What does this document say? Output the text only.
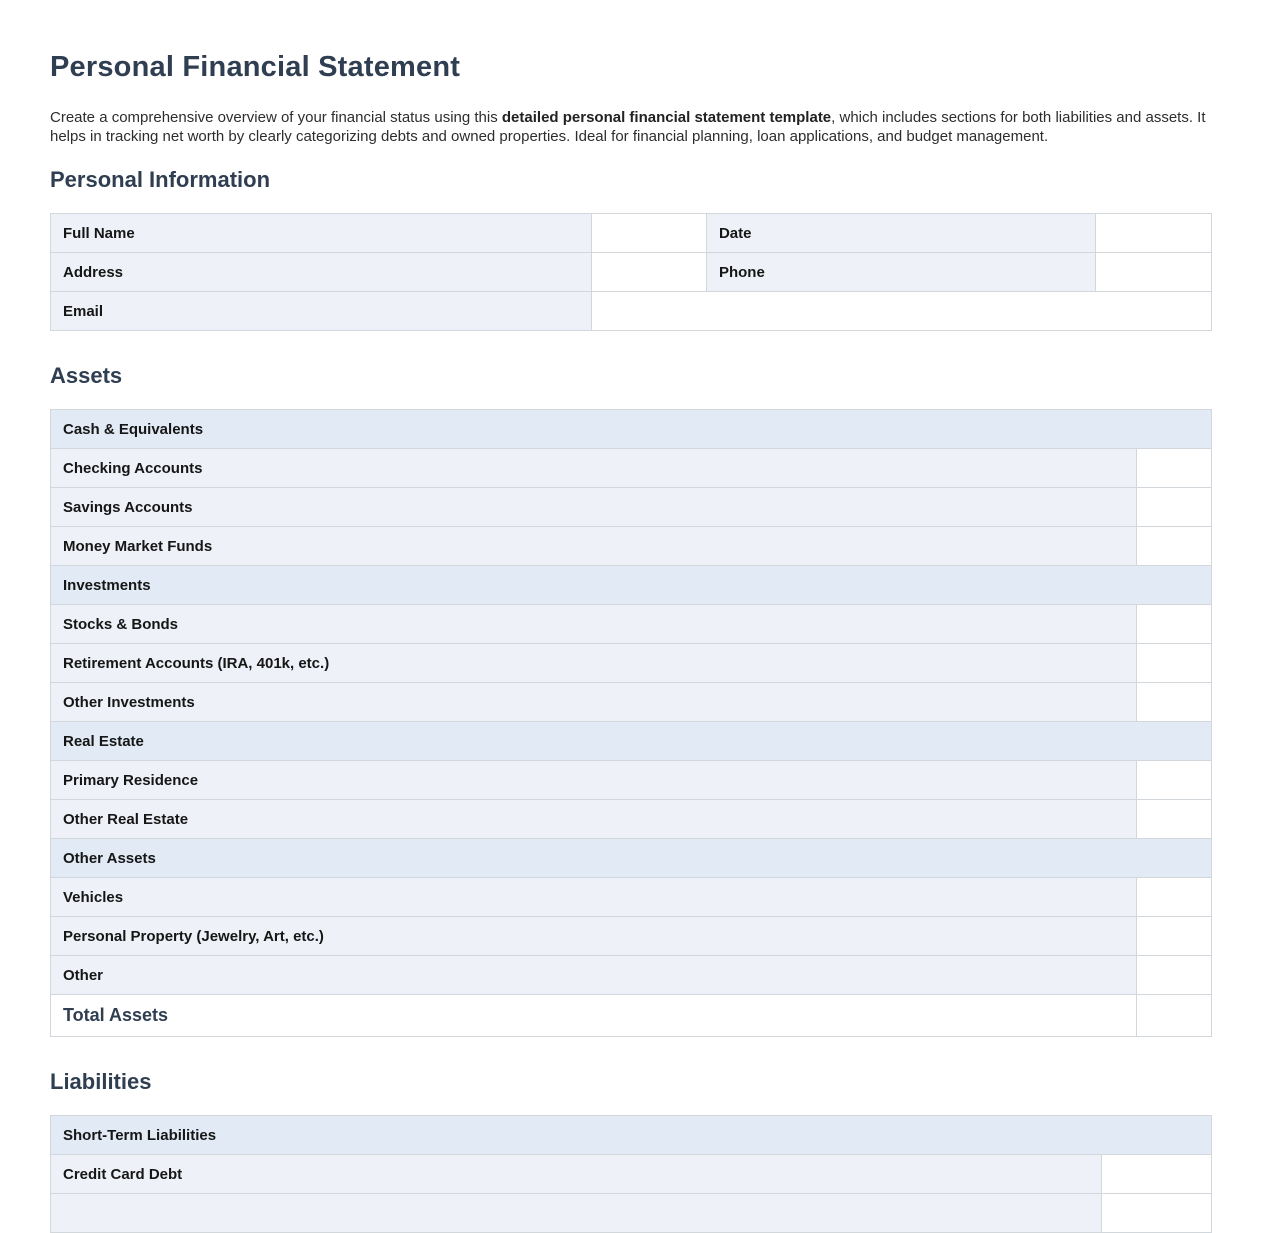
Personal Financial Statement

Create a comprehensive overview of your financial status using this detailed personal financial statement template, which includes sections for both liabilities and assets. It helps in tracking net worth by clearly categorizing debts and owned properties. Ideal for financial planning, loan applications, and budget management.

Personal Information
Full Name		Date	
Address		Phone	
Email			
Assets
Cash & Equivalents	
Checking Accounts	
Savings Accounts	
Money Market Funds	
Investments	
Stocks & Bonds	
Retirement Accounts (IRA, 401k, etc.)	
Other Investments	
Real Estate	
Primary Residence	
Other Real Estate	
Other Assets	
Vehicles	
Personal Property (Jewelry, Art, etc.)	
Other	
Total Assets	
Liabilities
Short-Term Liabilities	
Credit Card Debt	
